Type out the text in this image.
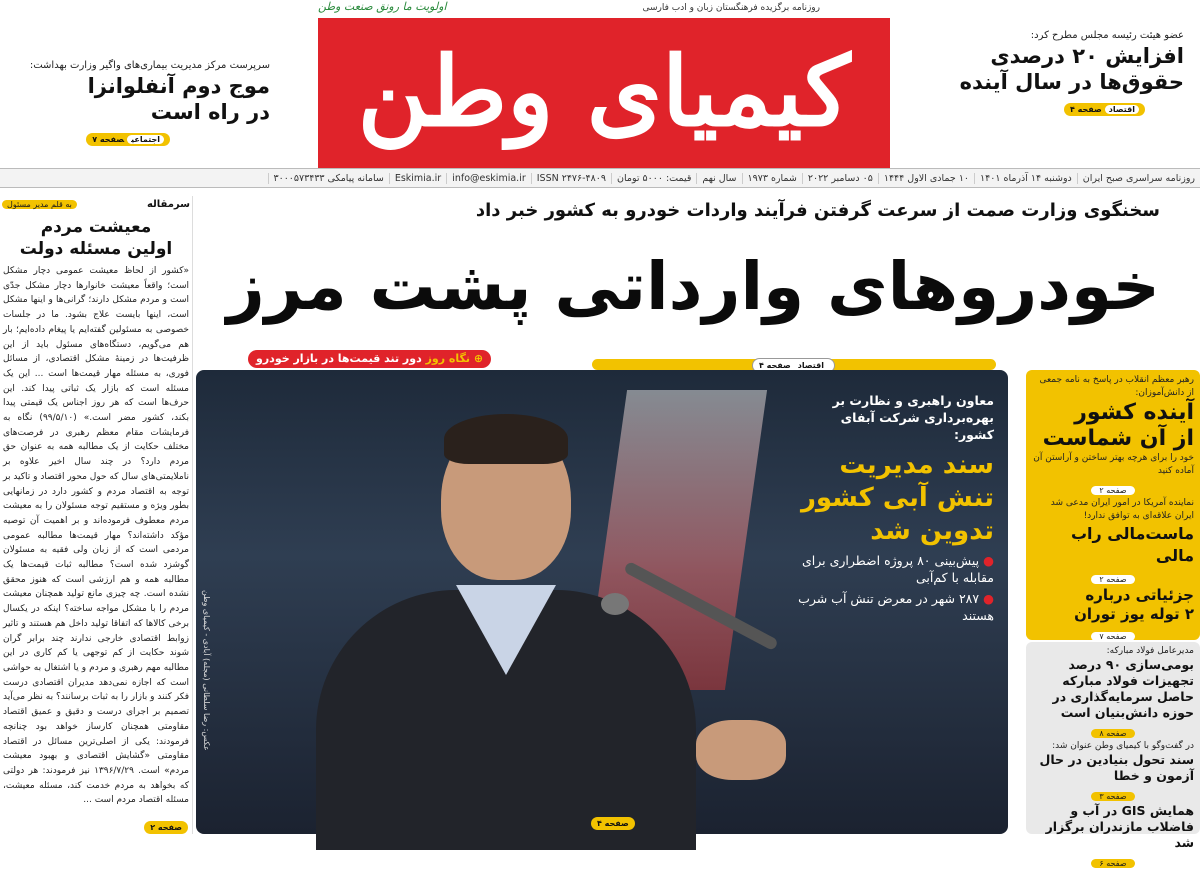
اولویت ما رونق صنعت وطن	روزنامه برگزیده فرهنگستان زبان و ادب فارسی
کیمیای وطن	عضو هیئت رئیسه مجلس مطرح کرد:
افزایش ۲۰ درصدی
حقوق‌ها در سال آینده
اقتصادصفحه ۴
سرپرست مرکز مدیریت بیماری‌های واگیر وزارت بهداشت:
موج دوم آنفلوانزا
در راه است
اجتماعیصفحه ۷
روزنامه سراسری صبح ایران
دوشنبه ۱۴ آذرماه ۱۴۰۱
۱۰ جمادی الاول ۱۴۴۴
۰۵ دسامبر ۲۰۲۲
شماره ۱۹۷۳
سال نهم
قیمت: ۵۰۰۰ تومان
ISSN ۲۴۷۶-۴۸۰۹
info@eskimia.ir
Eskimia.ir
سامانه پیامکی ۳۰۰۰۵۷۳۴۳۳
سرمقاله
به قلم مدیر مسئول
معیشت مردم
اولین مسئله دولت

«کشور از لحاظ معیشت عمومی دچار مشکل است؛ واقعاً معیشت خانوارها دچار مشکل جدّی است و مردم مشکل دارند؛ گرانی‌ها و اینها مشکل است، اینها بایست علاج بشود. ما در جلسات خصوصی به مسئولین گفته‌ایم یا پیغام داده‌ایم؛ بار هم می‌گویم، دستگاه‌های مسئول باید از این ظرفیت‌ها در زمینهٔ مشکل اقتصادی، از مسائل فوری، به مسئله مهار قیمت‌ها است ... این یک مسئله است که بازار یک ثباتی پیدا کند. این حرف‌ها است که هر روز اجناس یک قیمتی پیدا بکند، کشور مضر است.» (۹۹/۵/۱۰) نگاه به فرمایشات مقام معظم رهبری در فرصت‌های مختلف حکایت از یک مطالبه همه به عنوان حق مردم دارد؟ در چند سال اخیر علاوه بر ناملایمتی‌های سال که حول محور اقتصاد و تاکید بر توجه به اقتصاد مردم و کشور دارد در زمانهایی بطور ویژه و مستقیم توجه مسئولان را به معیشت مردم معطوف فرموده‌اند و بر اهمیت آن توصیه مؤکد داشته‌اند؟ مهار قیمت‌ها مطالبه عمومی مردمی است که از زبان ولی فقیه به مسئولان گوشزد شده است؟ مطالبه ثبات قیمت‌ها یک مطالبه همه و هم ارزشی است که هنوز محقق نشده است. چه چیزی مانع تولید همچنان معیشت مردم را با مشکل مواجه ساخته؟ اینکه در یکسال برخی کالاها که اتفاقا تولید داخل هم هستند و تاثیر زوابط اقتصادی خارجی ندارند چند برابر گران شوند حکایت از کم توجهی یا کم کاری در این مطالبه مهم رهبری و مردم و یا اشتغال به حواشی است که اجازه نمی‌دهد مدیران اقتصادی درست فکر کنند و بازار را به ثبات برسانند؟ به نظر می‌آید تصمیم بر اجرای درست و دقیق و عمیق اقتصاد مقاومتی همچنان کارساز خواهد بود چنانچه فرمودند: یکی از اصلی‌ترین مسائل در اقتصاد مقاومتی «گشایش اقتصادی و بهبود معیشت مردم» است. ۱۳۹۶/۷/۲۹ نیز فرمودند: هر دولتی که بخواهد به مردم خدمت کند، مسئله معیشت، مسئله اقتصاد مردم است ...

صفحه ۲
سخنگوی وزارت صمت از سرعت گرفتن فرآیند واردات خودرو به کشور خبر داد
خودروهای وارداتی پشت مرز
⊕ نگاه روز دور تند قیمت‌ها در بازار خودرو
اقتصادصفحه ۴
عکس: رضا سلطانی (مجله) آبادی - کیمیای وطن
معاون راهبری و نظارت بر بهره‌برداری شرکت آبفای کشور:
سند مدیریت تنش آبی کشور تدوین شد
● پیش‌بینی ۸۰ پروژه اضطراری برای مقابله با کم‌آبی
● ۲۸۷ شهر در معرض تنش آب شرب هستند
صفحه ۴
رهبر معظم انقلاب در پاسخ به نامه جمعی از دانش‌آموزان:
آینده کشور
از آن شماست
خود را برای هرچه بهتر ساختن و آراستن آن آماده کنید
صفحه ۲
نماینده آمریکا در امور ایران مدعی شد ایران علاقه‌ای به توافق ندارد!
ماست‌مالی راب مالی
صفحه ۲
جزئیاتی درباره
۲ توله یوز توران
صفحه ۷
مدیرعامل فولاد مبارکه:
بومی‌سازی ۹۰ درصد تجهیزات فولاد مبارکه حاصل سرمایه‌گذاری در حوزه دانش‌بنیان است
صفحه ۸
در گفت‌وگو با کیمیای وطن عنوان شد:
سند تحول بنیادین در حال آزمون و خطا
صفحه ۳
همایش GIS در آب و فاضلاب مازندران برگزار شد
صفحه ۶
